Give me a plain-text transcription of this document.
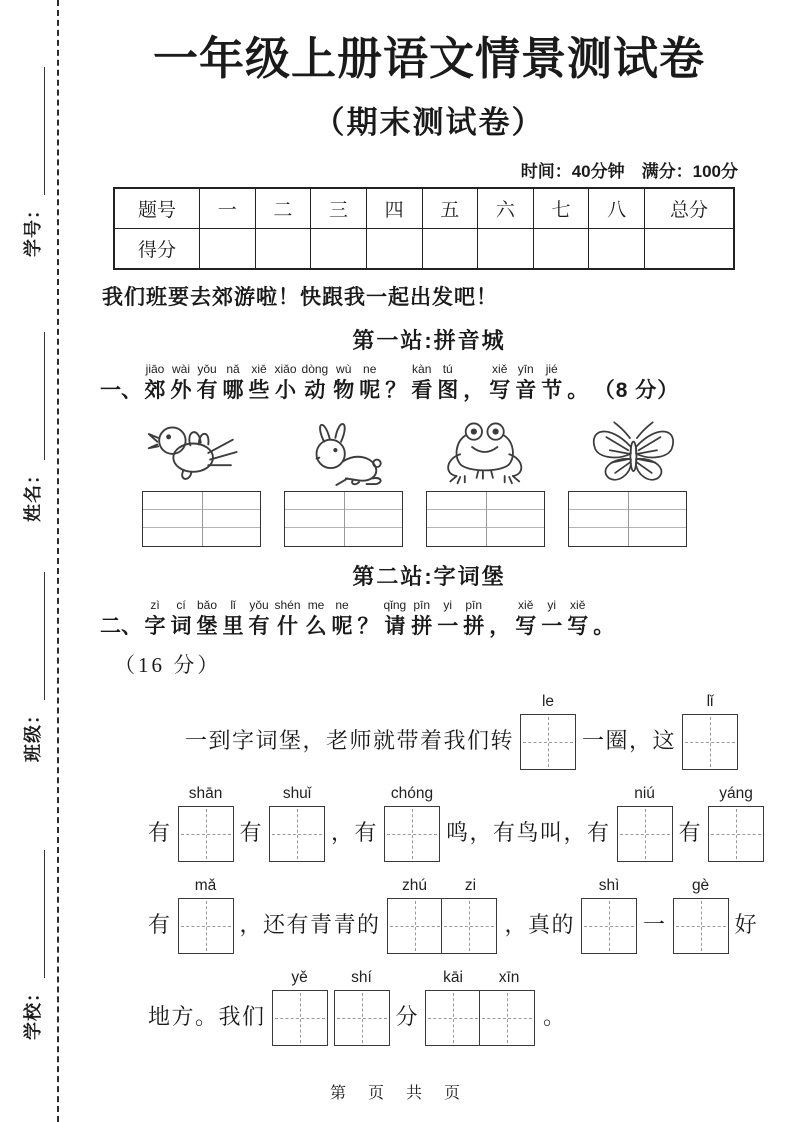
学号：
姓名：
班级：
学校：
一年级上册语文情景测试卷
（期末测试卷）
时间：40分钟　满分：100分
题号	一	二	三	四	五	六	七	八	总分
得分									
我们班要去郊游啦！快跟我一起出发吧！
第一站:拼音城
一、
jiāo
郊
wài
外
yǒu
有
nǎ
哪
xiē
些
xiǎo
小
dòng
动
wù
物
ne
呢 ？
kàn
看
tú
图 ，
xiě
写
yīn
音
jié
节 。 （8 分）
第二站:字词堡
二、
zì
字
cí
词
bǎo
堡
lǐ
里
yǒu
有
shén
什
me
么
ne
呢 ？
qǐng
请
pīn
拼
yi
一
pīn
拼 ，
xiě
写
yi
一
xiě
写 。
（16 分）
一到字词堡，老师就带着我们转
le
一圈，这
lǐ
有
shān
有
shuǐ
，有
chóng
鸣，有鸟叫，有
niú
有
yáng
有
mǎ
，还有青青的
zhú	zi
，真的
shì
一
gè
好
地方。我们
yě	shí
分
kāi	xīn
。
第　页　共　页
